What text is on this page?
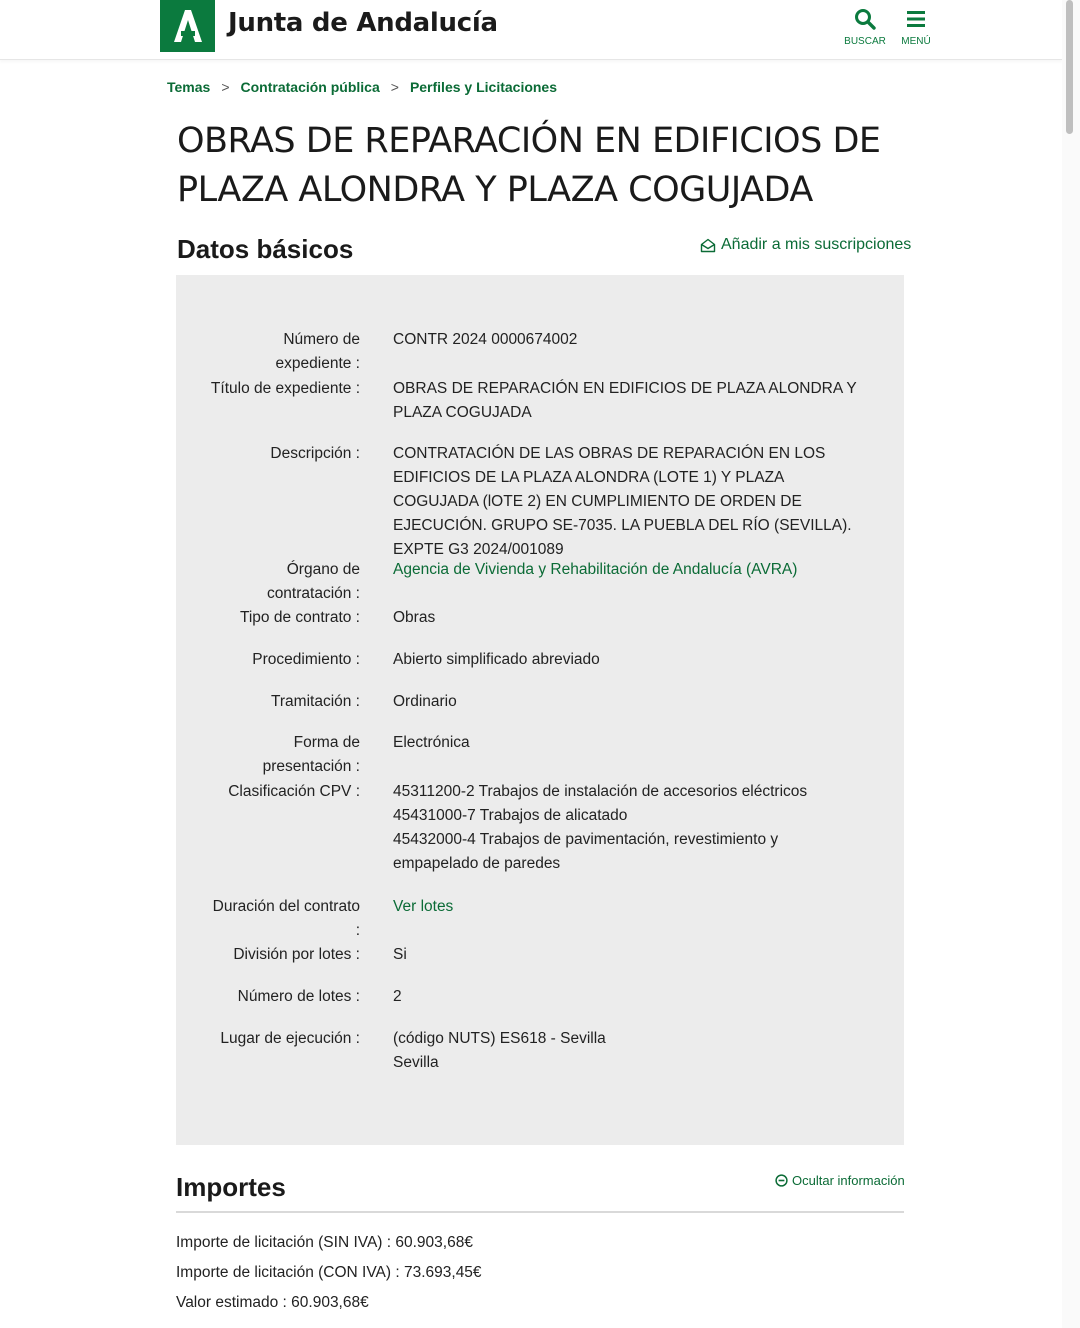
Junta de Andalucía
BUSCAR	MENÚ
Temas > Contratación pública > Perfiles y Licitaciones
OBRAS DE REPARACIÓN EN EDIFICIOS DE PLAZA ALONDRA Y PLAZA COGUJADA
Datos básicos	Añadir a mis suscripciones
Número de expediente :
CONTR 2024 0000674002
Título de expediente : OBRAS DE REPARACIÓN EN EDIFICIOS DE PLAZA ALONDRA Y PLAZA COGUJADA
Descripción : CONTRATACIÓN DE LAS OBRAS DE REPARACIÓN EN LOS EDIFICIOS DE LA PLAZA ALONDRA (LOTE 1) Y PLAZA COGUJADA (lOTE 2) EN CUMPLIMIENTO DE ORDEN DE EJECUCIÓN. GRUPO SE-7035. LA PUEBLA DEL RÍO (SEVILLA). EXPTE G3 2024/001089
Órgano de contratación :
Agencia de Vivienda y Rehabilitación de Andalucía (AVRA)
Tipo de contrato : Obras
Procedimiento : Abierto simplificado abreviado
Tramitación : Ordinario
Forma de presentación :
Electrónica
Clasificación CPV : 45311200-2 Trabajos de instalación de accesorios eléctricos
45431000-7 Trabajos de alicatado
45432000-4 Trabajos de pavimentación, revestimiento y empapelado de paredes
Duración del contrato :
Ver lotes
División por lotes : Si
Número de lotes : 2
Lugar de ejecución : (código NUTS) ES618 - Sevilla
Sevilla
Importes	Ocultar información
Importe de licitación (SIN IVA) : 60.903,68€
Importe de licitación (CON IVA) : 73.693,45€
Valor estimado : 60.903,68€
